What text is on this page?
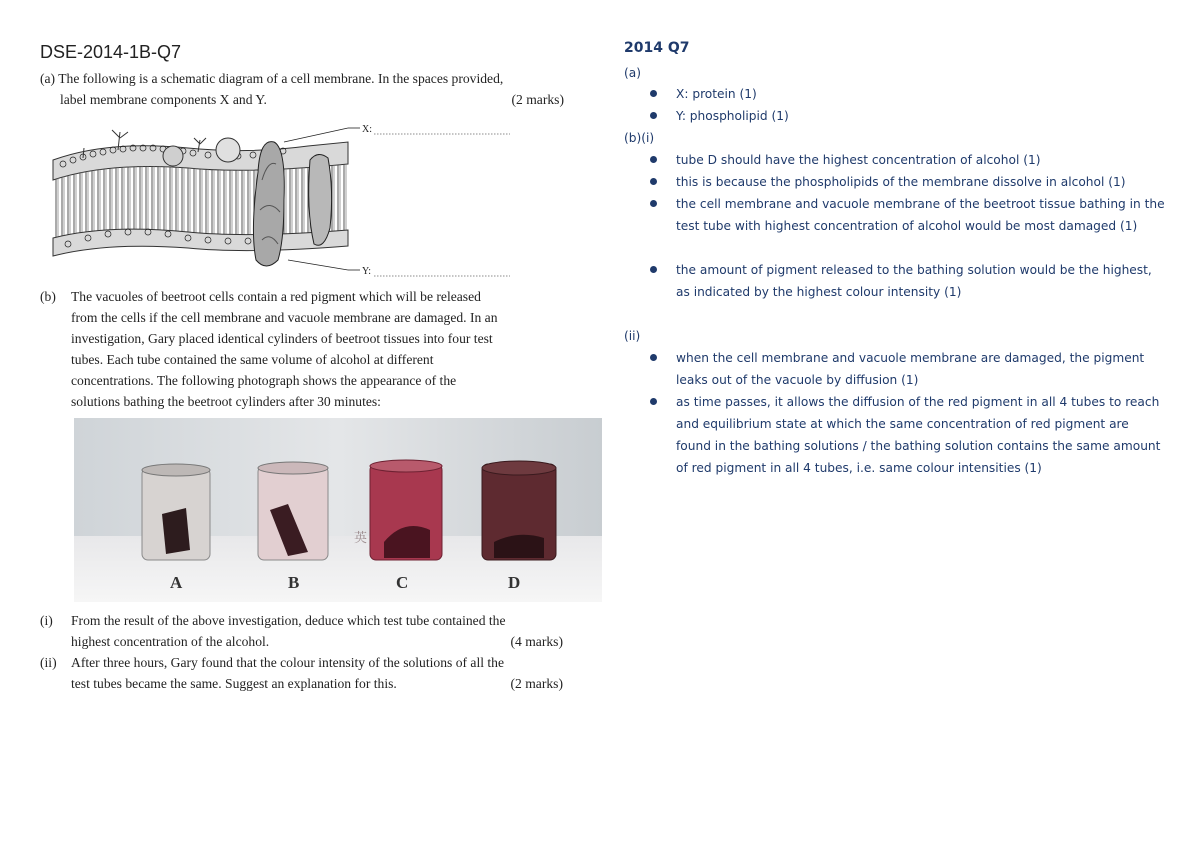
DSE-2014-1B-Q7
(a) The following is a schematic diagram of a cell membrane. In the spaces provided,
label membrane components X and Y.	(2 marks)
X:
Y:
(b) The vacuoles of beetroot cells contain a red pigment which will be released
from the cells if the cell membrane and vacuole membrane are damaged. In an
investigation, Gary placed identical cylinders of beetroot tissues into four test
tubes. Each tube contained the same volume of alcohol at different
concentrations. The following photograph shows the appearance of the
solutions bathing the beetroot cylinders after 30 minutes:
英
A	B	C	D
(i) From the result of the above investigation, deduce which test tube contained the
highest concentration of the alcohol.	(4 marks)
(ii) After three hours, Gary found that the colour intensity of the solutions of all the
test tubes became the same. Suggest an explanation for this.	(2 marks)
2014 Q7
(a)
X: protein (1)
Y: phospholipid (1)
(b)(i)
tube D should have the highest concentration of alcohol (1)
this is because the phospholipids of the membrane dissolve in alcohol (1)
the cell membrane and vacuole membrane of the beetroot tissue bathing in the test tube with highest concentration of alcohol would be most damaged (1)
the amount of pigment released to the bathing solution would be the highest, as indicated by the highest colour intensity (1)
(ii)
when the cell membrane and vacuole membrane are damaged, the pigment leaks out of the vacuole by diffusion (1)
as time passes, it allows the diffusion of the red pigment in all 4 tubes to reach and equilibrium state at which the same concentration of red pigment are found in the bathing solutions / the bathing solution contains the same amount of red pigment in all 4 tubes, i.e. same colour intensities (1)
